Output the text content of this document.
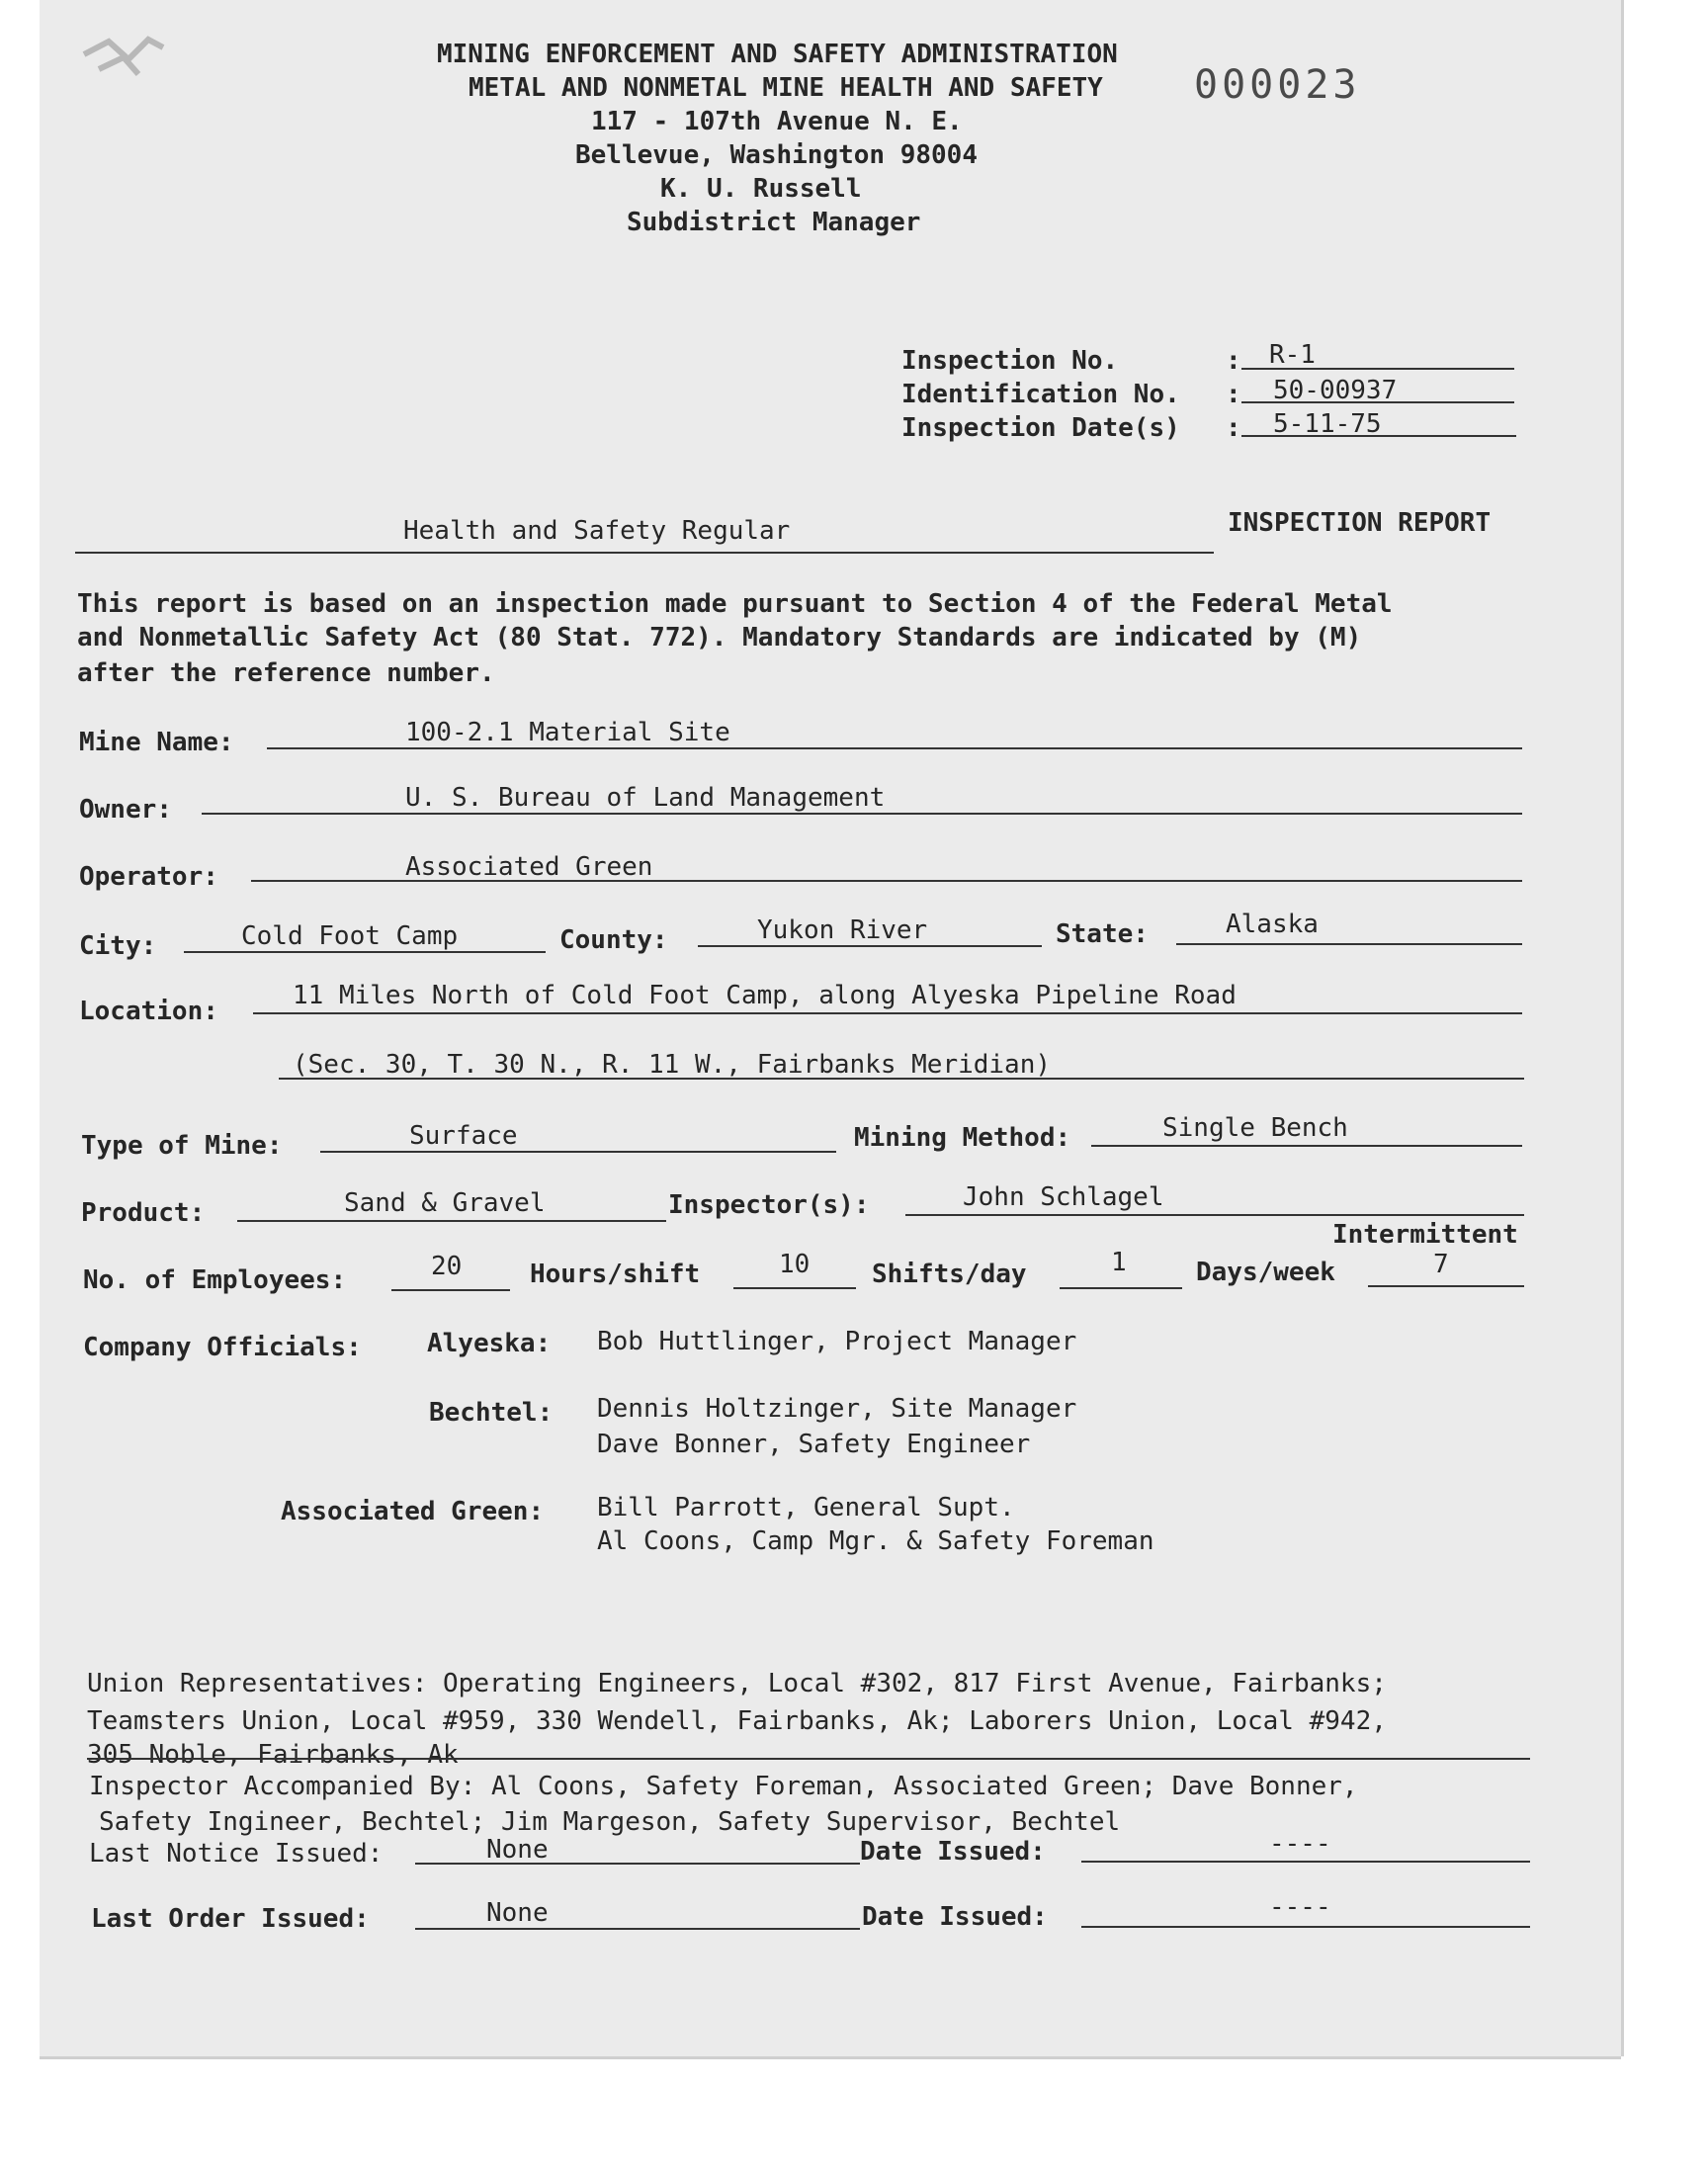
MINING ENFORCEMENT AND SAFETY ADMINISTRATION
METAL AND NONMETAL MINE HEALTH AND SAFETY 000023
117 - 107th Avenue N. E.
Bellevue, Washington 98004
K. U. Russell
Subdistrict Manager
Inspection No.	: R-1
Identification No. : 50-00937
Inspection Date(s) : 5-11-75
Health and Safety Regular	INSPECTION REPORT
This report is based on an inspection made pursuant to Section 4 of the Federal Metal
and Nonmetallic Safety Act (80 Stat. 772). Mandatory Standards are indicated by (M)
after the reference number.
Mine Name:	100-2.1 Material Site
Owner:	U. S. Bureau of Land Management
Operator:	Associated Green
City:	Cold Foot Camp	County:	Yukon River	State:	Alaska
Location:
11 Miles North of Cold Foot Camp, along Alyeska Pipeline Road
(Sec. 30, T. 30 N., R. 11 W., Fairbanks Meridian)
Type of Mine:	Surface	Mining Method:	Single Bench
Product:	Sand & Gravel	Inspector(s):	John Schlagel
Intermittent
No. of Employees:	20	Hours/shift	10 Shifts/day	1	Days/week	7
Company Officials:	Alyeska: Bob Huttlinger, Project Manager
Bechtel: Dennis Holtzinger, Site Manager
Dave Bonner, Safety Engineer
Associated Green: Bill Parrott, General Supt.
Al Coons, Camp Mgr. & Safety Foreman
Union Representatives: Operating Engineers, Local #302, 817 First Avenue, Fairbanks;
Teamsters Union, Local #959, 330 Wendell, Fairbanks, Ak; Laborers Union, Local #942,
305 Noble, Fairbanks, Ak
Inspector Accompanied By: Al Coons, Safety Foreman, Associated Green; Dave Bonner,
Safety Ingineer, Bechtel; Jim Margeson, Safety Supervisor, Bechtel
Last Notice Issued:	None	Date Issued:	----
Last Order Issued:	None	Date Issued:	----
